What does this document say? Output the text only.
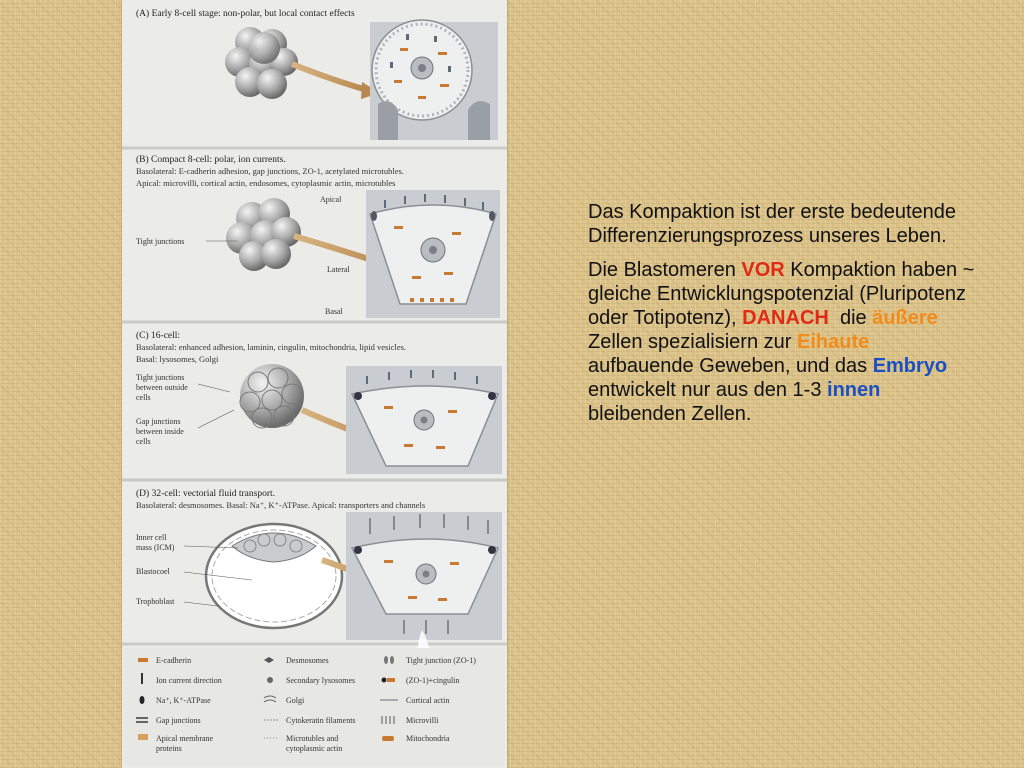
(A) Early 8-cell stage: non-polar, but local contact effects
(B) Compact 8-cell: polar, ion currents.
Basolateral: E-cadherin adhesion, gap junctions, ZO-1, acetylated microtubles.
Apical: microvilli, cortical actin, endosomes, cytoplasmic actin, microtubles
Apical
Tight junctions
Lateral
Basal
(C) 16-cell:
Basolateral: enhanced adhesion, laminin, cingulin, mitochondria, lipid vesicles.
Basal: lysosomes, Golgi
Tight junctions
between outside
cells
Gap junctions
between inside
cells
(D) 32-cell: vectorial fluid transport.
Basolateral: desmosomes. Basal: Na⁺, K⁺-ATPase. Apical: transporters and channels
Inner cell
mass (ICM)
Blastocoel
Trophoblast
E-cadherin
Ion current direction
Na⁺, K⁺-ATPase
Gap junctions
Apical membrane
proteins
Desmosomes
Secondary lysosomes
Golgi
Cytokeratin filaments
Microtubles and
cytoplasmic actin
Tight junction (ZO-1)
(ZO-1)+cingulin
Cortical actin
Microvilli
Mitochondria

Das Kompaktion ist der erste bedeutende Differenzierungsprozess unseres Leben.

Die Blastomeren VOR Kompaktion haben ~ gleiche Entwicklungspotenzial (Pluripotenz oder Totipotenz), DANACH  die äußere Zellen spezialisiern zur Eihaute aufbauende Geweben, und das Embryo entwickelt nur aus den 1-3 innen bleibenden Zellen.
